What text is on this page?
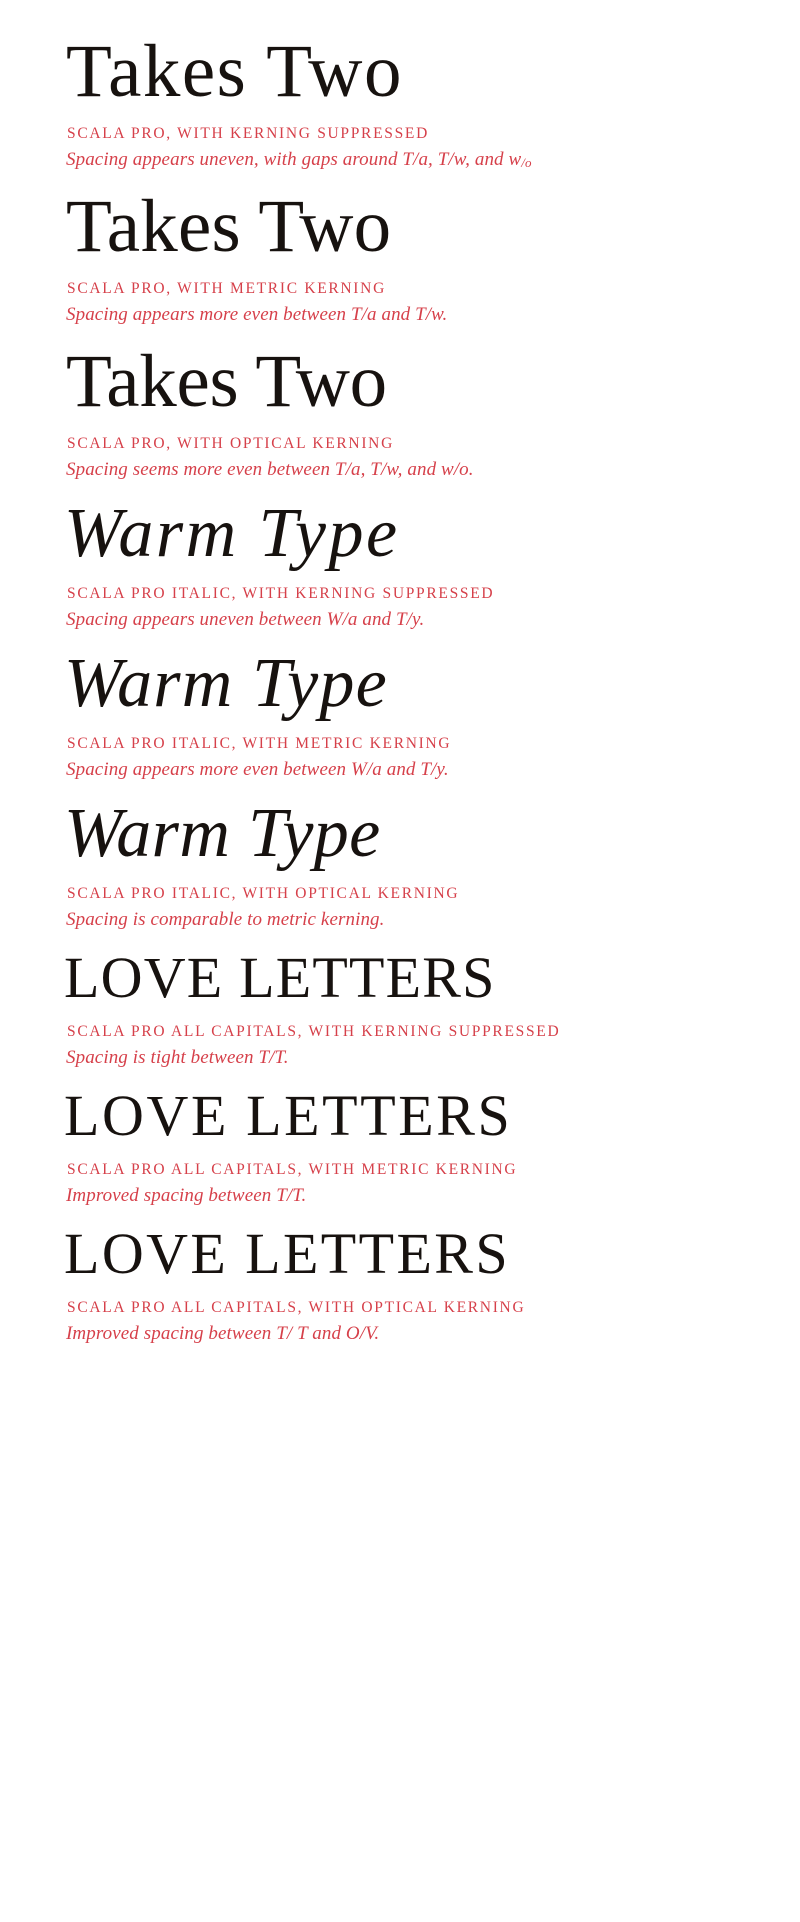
Takes Two
SCALA PRO, WITH KERNING SUPPRESSED
Spacing appears uneven, with gaps around T/a, T/w, and w/o
Takes Two
SCALA PRO, WITH METRIC KERNING
Spacing appears more even between T/a and T/w.
Takes Two
SCALA PRO, WITH OPTICAL KERNING
Spacing seems more even between T/a, T/w, and w/o.
Warm Type
SCALA PRO ITALIC, WITH KERNING SUPPRESSED
Spacing appears uneven between W/a and T/y.
Warm Type
SCALA PRO ITALIC, WITH METRIC KERNING
Spacing appears more even between W/a and T/y.
Warm Type
SCALA PRO ITALIC, WITH OPTICAL KERNING
Spacing is comparable to metric kerning.
LOVE LETTERS
SCALA PRO ALL CAPITALS, WITH KERNING SUPPRESSED
Spacing is tight between T/T.
LOVE LETTERS
SCALA PRO ALL CAPITALS, WITH METRIC KERNING
Improved spacing between T/T.
LOVE LETTERS
SCALA PRO ALL CAPITALS, WITH OPTICAL KERNING
Improved spacing between T/ T and O/V.
